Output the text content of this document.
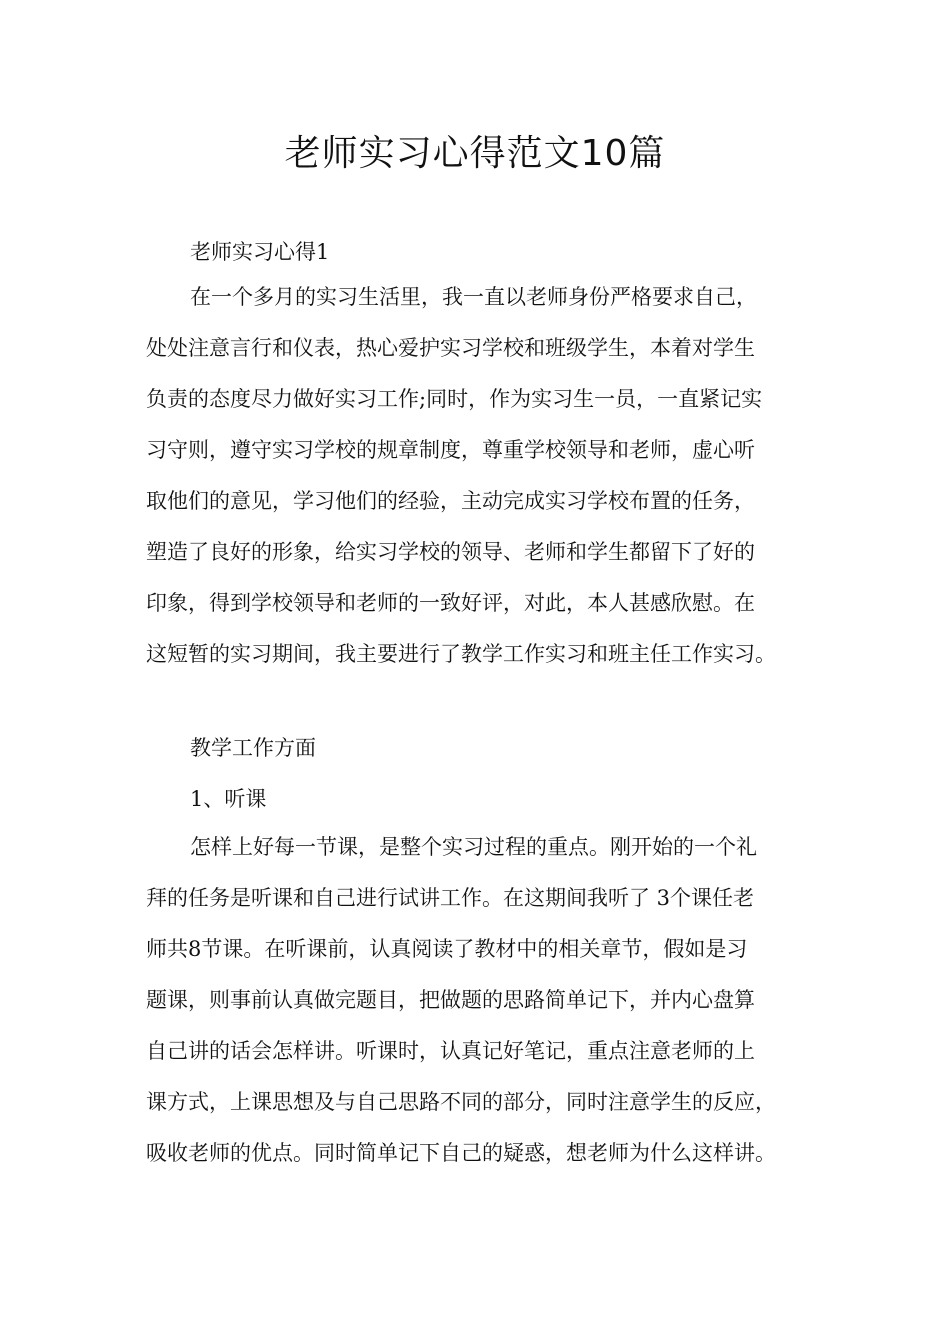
老师实习心得范文10篇

老师实习心得1

在一个多月的实习生活里，我一直以老师身份严格要求自己，
处处注意言行和仪表，热心爱护实习学校和班级学生，本着对学生
负责的态度尽力做好实习工作;同时，作为实习生一员，一直紧记实
习守则，遵守实习学校的规章制度，尊重学校领导和老师，虚心听
取他们的意见，学习他们的经验，主动完成实习学校布置的任务，
塑造了良好的形象，给实习学校的领导、老师和学生都留下了好的
印象，得到学校领导和老师的一致好评，对此，本人甚感欣慰。在
这短暂的实习期间，我主要进行了教学工作实习和班主任工作实习。

教学工作方面

1、听课

怎样上好每一节课，是整个实习过程的重点。刚开始的一个礼
拜的任务是听课和自己进行试讲工作。在这期间我听了 3个课任老
师共8节课。在听课前，认真阅读了教材中的相关章节，假如是习
题课，则事前认真做完题目，把做题的思路简单记下，并内心盘算
自己讲的话会怎样讲。听课时，认真记好笔记，重点注意老师的上
课方式，上课思想及与自己思路不同的部分，同时注意学生的反应，
吸收老师的优点。同时简单记下自己的疑惑，想老师为什么这样讲。
